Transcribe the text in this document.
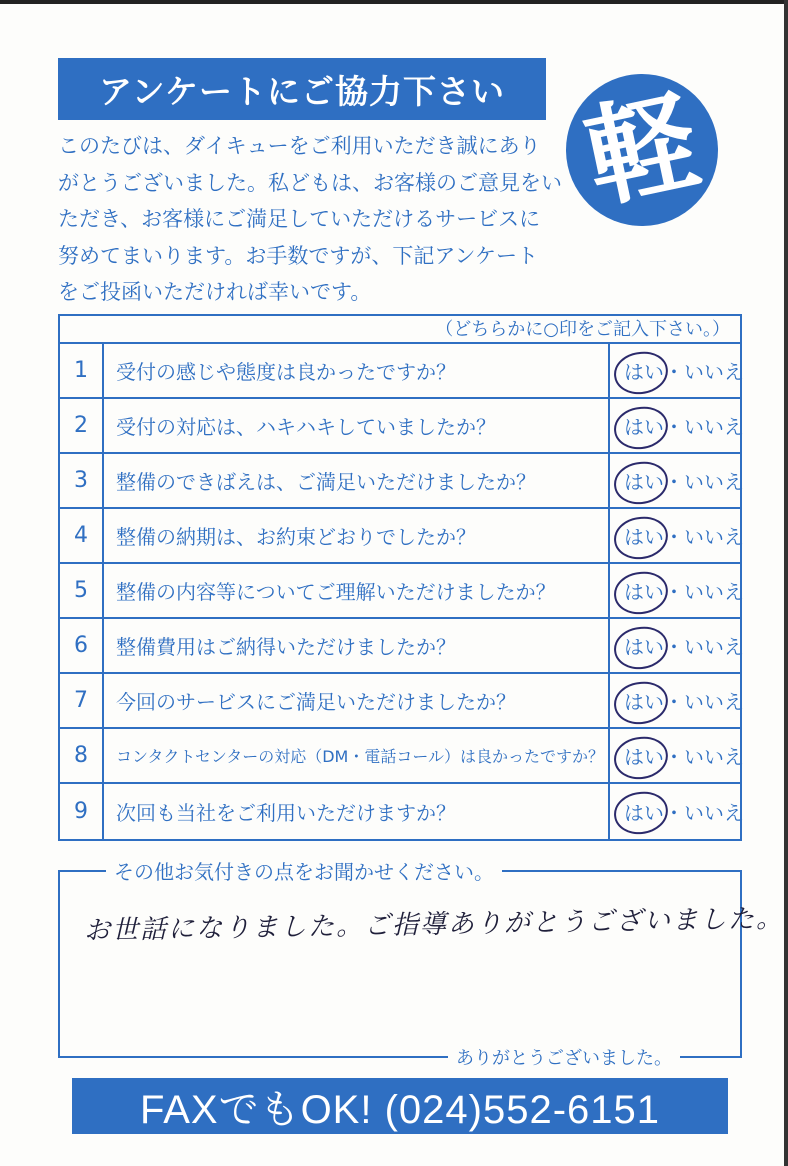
アンケートにご協力下さい

このたびは、ダイキューをご利用いただき誠にあり

がとうございました。私どもは、お客様のご意見をい

ただき、お客様にご満足していただけるサービスに

努めてまいります。お手数ですが、下記アンケート

をご投函いただければ幸いです。

軽
（どちらかに○印をご記入下さい。）
1	受付の感じや態度は良かったですか？	はい ・ いいえ
2	受付の対応は、ハキハキしていましたか？	はい ・ いいえ
3	整備のできばえは、ご満足いただけましたか？	はい ・ いいえ
4	整備の納期は、お約束どおりでしたか？	はい ・ いいえ
5	整備の内容等についてご理解いただけましたか？	はい ・ いいえ
6	整備費用はご納得いただけましたか？	はい ・ いいえ
7	今回のサービスにご満足いただけましたか？	はい ・ いいえ
8	コンタクトセンターの対応（DM・電話コール）は良かったですか？ はい ・ いいえ
9	次回も当社をご利用いただけますか？	はい ・ いいえ
その他お気付きの点をお聞かせください。
お世話になりました。ご指導ありがとうございました。
ありがとうございました。
FAXでもOK! (024)552-6151
